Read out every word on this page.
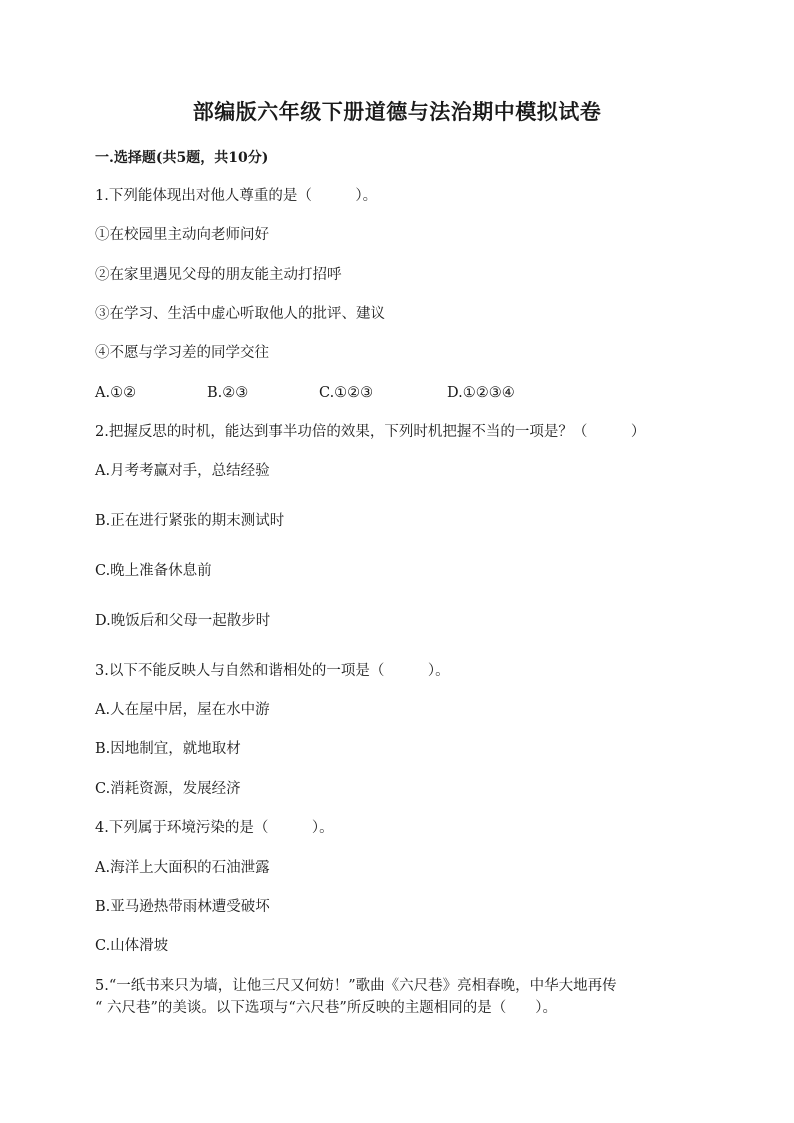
部编版六年级下册道德与法治期中模拟试卷
一.选择题(共5题，共10分)
1.下列能体现出对他人尊重的是（　　　）。
①在校园里主动向老师问好
②在家里遇见父母的朋友能主动打招呼
③在学习、生活中虚心听取他人的批评、建议
④不愿与学习差的同学交往
A.①②	B.②③	C.①②③	D.①②③④
2.把握反思的时机，能达到事半功倍的效果，下列时机把握不当的一项是？（　　　）
A.月考考赢对手，总结经验
B.正在进行紧张的期末测试时
C.晚上准备休息前
D.晚饭后和父母一起散步时
3.以下不能反映人与自然和谐相处的一项是（　　　）。
A.人在屋中居，屋在水中游
B.因地制宜，就地取材
C.消耗资源，发展经济
4.下列属于环境污染的是（　　　）。
A.海洋上大面积的石油泄露
B.亚马逊热带雨林遭受破坏
C.山体滑坡
5.“一纸书来只为墙，让他三尺又何妨！”歌曲《六尺巷》亮相春晚，中华大地再传
“ 六尺巷”的美谈。以下选项与“六尺巷”所反映的主题相同的是（　　）。
